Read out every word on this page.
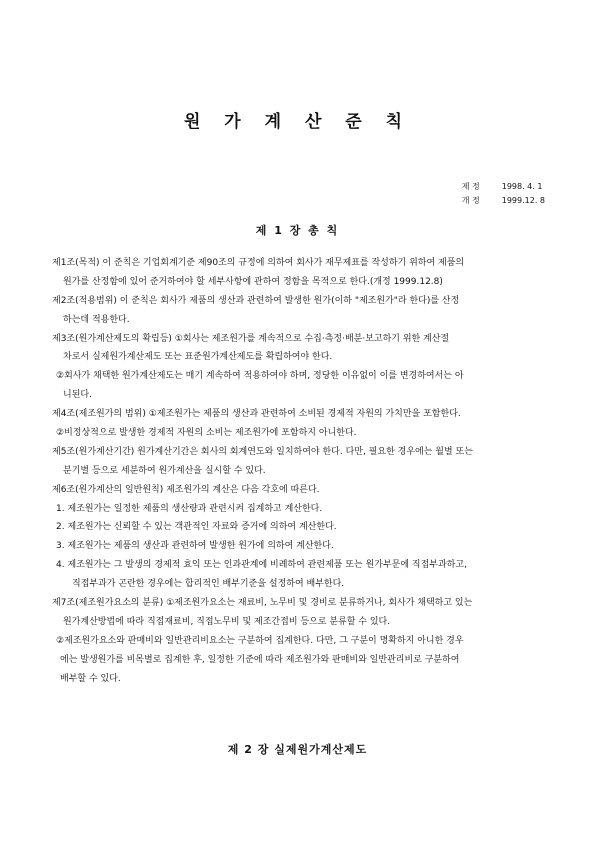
원 가 계 산 준 칙
제 정	1998. 4. 1
개 정	1999.12. 8
제 1 장 총 칙
제1조(목적) 이 준칙은 기업회계기준 제90조의 규정에 의하여 회사가 재무제표를 작성하기 위하여 제품의
원가를 산정함에 있어 준거하여야 할 세부사항에 관하여 정함을 목적으로 한다.(개정 1999.12.8)
제2조(적용범위) 이 준칙은 회사가 제품의 생산과 관련하여 발생한 원가(이하 "제조원가"라 한다)를 산정
하는데 적용한다.
제3조(원가계산제도의 확립등) ①회사는 제조원가를 계속적으로 수집·측정·배분·보고하기 위한 계산절
차로서 실제원가계산제도 또는 표준원가계산제도를 확립하여야 한다.
②회사가 채택한 원가계산제도는 매기 계속하여 적용하여야 하며, 정당한 이유없이 이를 변경하여서는 아
니된다.
제4조(제조원가의 범위) ①제조원가는 제품의 생산과 관련하여 소비된 경제적 자원의 가치만을 포함한다.
②비정상적으로 발생한 경제적 자원의 소비는 제조원가에 포함하지 아니한다.
제5조(원가계산기간) 원가계산기간은 회사의 회계연도와 일치하여야 한다. 다만, 필요한 경우에는 월별 또는
분기별 등으로 세분하여 원가계산을 실시할 수 있다.
제6조(원가계산의 일반원칙) 제조원가의 계산은 다음 각호에 따른다.
1. 제조원가는 일정한 제품의 생산량과 관련시켜 집계하고 계산한다.
2. 제조원가는 신뢰할 수 있는 객관적인 자료와 증거에 의하여 계산한다.
3. 제조원가는 제품의 생산과 관련하여 발생한 원가에 의하여 계산한다.
4. 제조원가는 그 발생의 경제적 효익 또는 인과관계에 비례하여 관련제품 또는 원가부문에 직접부과하고,
직접부과가 곤란한 경우에는 합리적인 배부기준을 설정하여 배부한다.
제7조(제조원가요소의 분류) ①제조원가요소는 재료비, 노무비 및 경비로 분류하거나, 회사가 채택하고 있는
원가계산방법에 따라 직접재료비, 직접노무비 및 제조간접비 등으로 분류할 수 있다.
②제조원가요소와 판매비와 일반관리비요소는 구분하여 집계한다. 다만, 그 구분이 명확하지 아니한 경우
에는 발생원가를 비목별로 집계한 후, 일정한 기준에 따라 제조원가와 판매비와 일반관리비로 구분하여
배부할 수 있다.
제 2 장 실제원가계산제도
